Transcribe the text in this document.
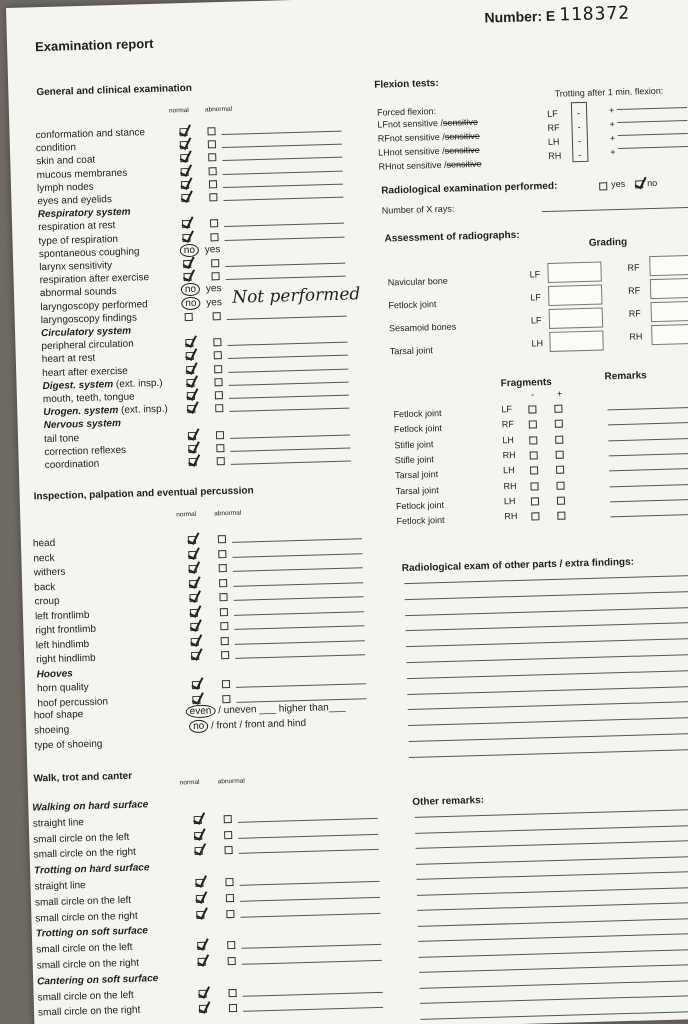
Examination report
Number: E 118372
General and clinical examination
normal abnormal
conformation and stance
condition
skin and coat
mucous membranes
lymph nodes
eyes and eyelids
Respiratory system
respiration at rest
type of respiration
spontaneous coughing	no yes
larynx sensitivity
respiration after exercise
abnormal sounds	no yes
laryngoscopy performed	no yes
laryngoscopy findings
Circulatory system
peripheral circulation
heart at rest
heart after exercise
Digest. system (ext. insp.)
mouth, teeth, tongue
Urogen. system (ext. insp.)
Nervous system
tail tone
correction reflexes
coordination
Not performed
Inspection, palpation and eventual percussion
normal	abnormal
head
neck
withers
back
croup
left frontlimb
right frontlimb
left hindlimb
right hindlimb
Hooves
horn quality
hoof percussion
hoof shape	even / uneven ___ higher than___
shoeing	no / front / front and hind
type of shoeing
Walk, trot and canter	normal	abnormal
Walking on hard surface
straight line
small circle on the left
small circle on the right
Trotting on hard surface
straight line
small circle on the left
small circle on the right
Trotting on soft surface
small circle on the left
small circle on the right
Cantering on soft surface
small circle on the left
small circle on the right
Flexion tests:
Forced flexion:
Trotting after 1 min. flexion:
LFnot sensitive /sensitive
LF -	+
RFnot sensitive /sensitive
RF -	+
LHnot sensitive /sensitive
LH -	+
RHnot sensitive /sensitive
RH -	+
Radiological examination performed:	yes no
Number of X rays:
Assessment of radiographs:	Grading
Navicular bone
LF
RF
Fetlock joint
LF
RF
Sesamoid bones
LF
RF
Tarsal joint
LH
RH
Fragments
Remarks
-	+
Fetlock joint	LF
Fetlock joint	RF
Stifle joint	LH
Stifle joint	RH
Tarsal joint	LH
Tarsal joint	RH
Fetlock joint	LH
Fetlock joint	RH
Radiological exam of other parts / extra findings:
Other remarks:
